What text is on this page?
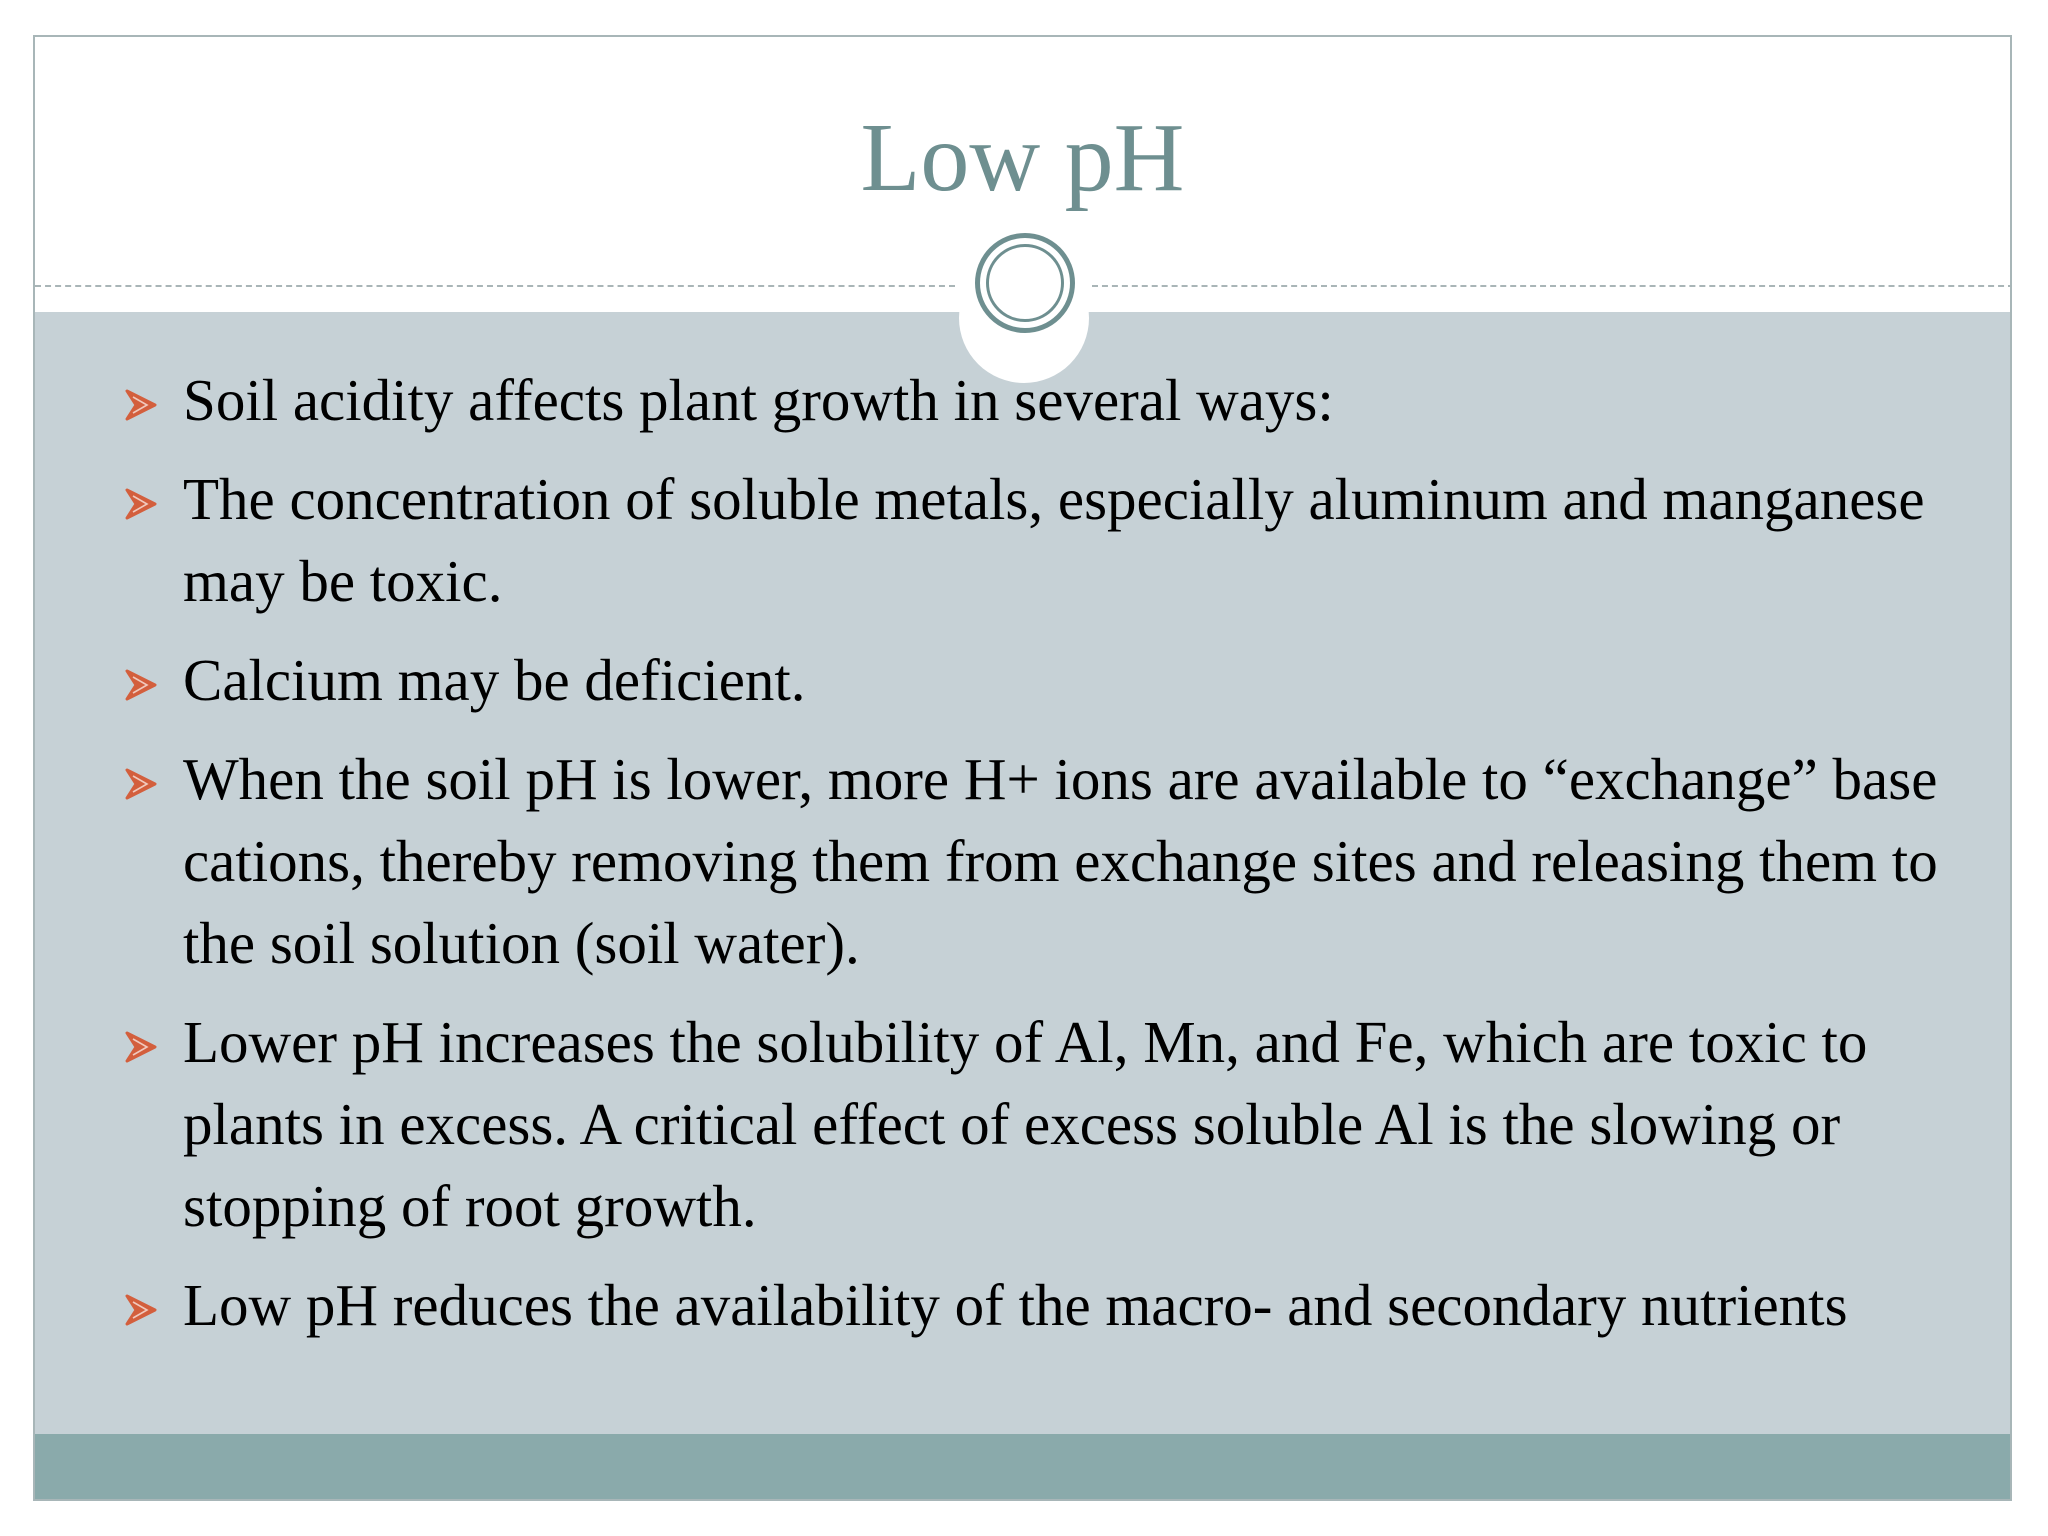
Low pH
Soil acidity affects plant growth in several ways:
The concentration of soluble metals, especially aluminum and manganese may be toxic.
Calcium may be deficient.
When the soil pH is lower, more H+ ions are available to “exchange” base cations, thereby removing them from exchange sites and releasing them to the soil solution (soil water).
Lower pH increases the solubility of Al, Mn, and Fe, which are toxic to plants in excess. A critical effect of excess soluble Al is the slowing or stopping of root growth.
Low pH reduces the availability of the macro- and secondary nutrients
